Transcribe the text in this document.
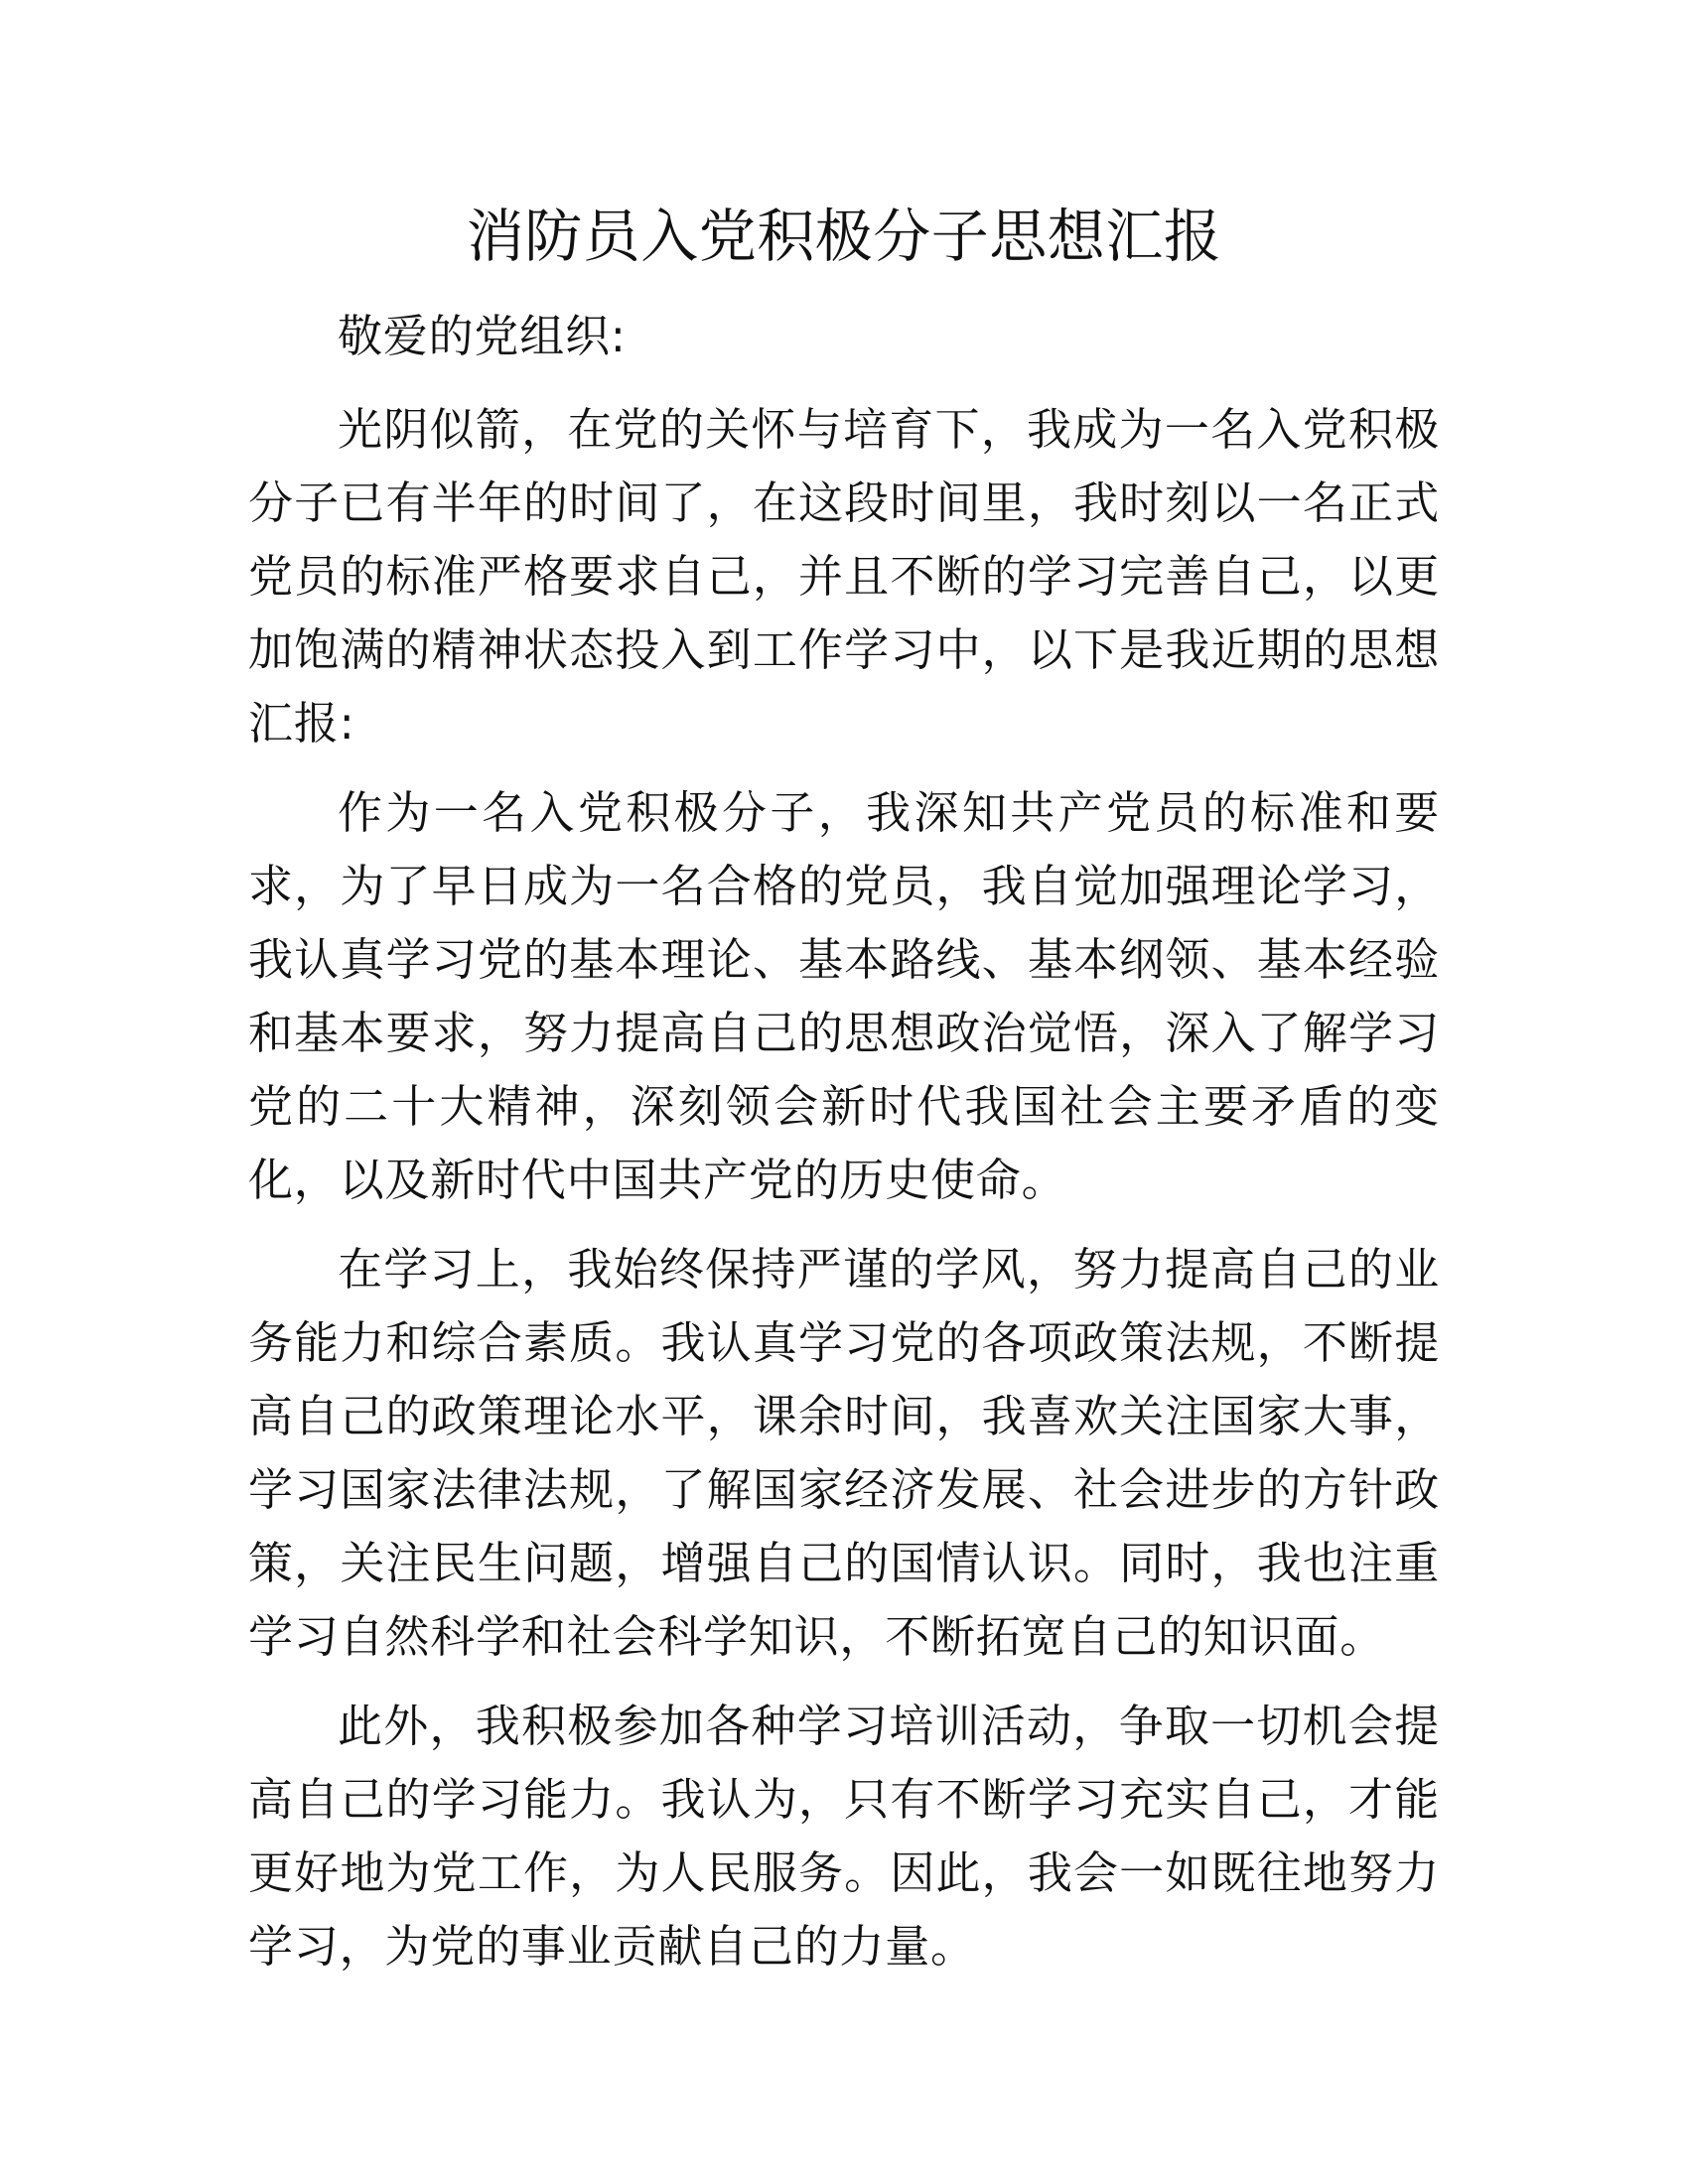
消防员入党积极分子思想汇报

敬爱的党组织:

光阴似箭，在党的关怀与培育下，我成为一名入党积极分子已有半年的时间了，在这段时间里，我时刻以一名正式党员的标准严格要求自己，并且不断的学习完善自己，以更加饱满的精神状态投入到工作学习中，以下是我近期的思想汇报:

作为一名入党积极分子，我深知共产党员的标准和要求，为了早日成为一名合格的党员，我自觉加强理论学习，我认真学习党的基本理论、基本路线、基本纲领、基本经验和基本要求，努力提高自己的思想政治觉悟，深入了解学习党的二十大精神，深刻领会新时代我国社会主要矛盾的变化，以及新时代中国共产党的历史使命。

在学习上，我始终保持严谨的学风，努力提高自己的业务能力和综合素质。我认真学习党的各项政策法规，不断提高自己的政策理论水平，课余时间，我喜欢关注国家大事，学习国家法律法规，了解国家经济发展、社会进步的方针政策，关注民生问题，增强自己的国情认识。同时，我也注重学习自然科学和社会科学知识，不断拓宽自己的知识面。

此外，我积极参加各种学习培训活动，争取一切机会提高自己的学习能力。我认为，只有不断学习充实自己，才能更好地为党工作，为人民服务。因此，我会一如既往地努力学习，为党的事业贡献自己的力量。
